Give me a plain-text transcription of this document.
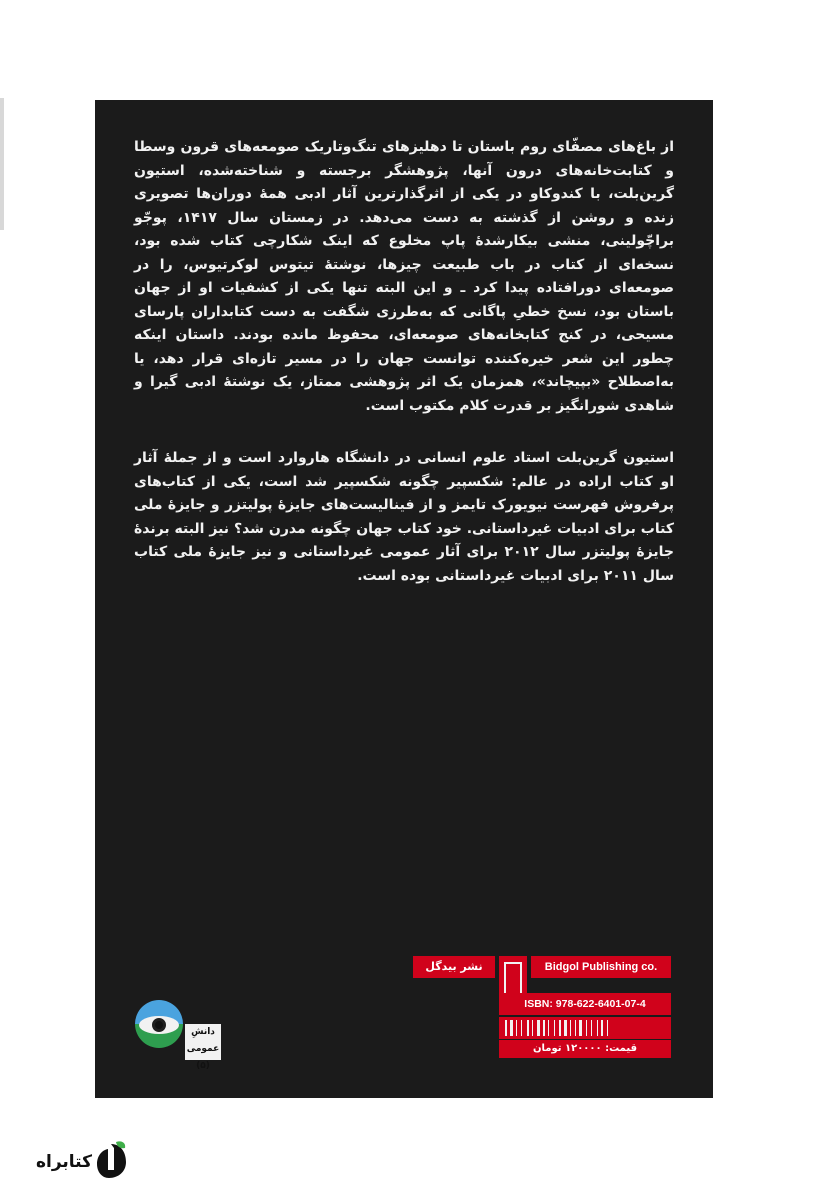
از باغ‌های مصفّای روم باستان تا دهلیزهای تنگ‌وتاریک صومعه‌های قرون وسطا و کتابت‌خانه‌های درون آنها، پژوهشگر برجسته و شناخته‌شده، استیون گرین‌بلت، با کندوکاو در یکی از اثرگذارترین آثار ادبی همهٔ دوران‌ها تصویری زنده و روشن از گذشته به دست می‌دهد. در زمستان سال ۱۴۱۷، پوجّو براچّولینی، منشی بیکارشدهٔ پاپ مخلوع که اینک شکارچی کتاب شده بود، نسخه‌ای از کتاب در باب طبیعت چیزها، نوشتهٔ تیتوس لوکرتیوس، را در صومعه‌ای دورافتاده پیدا کرد ـ و این البته تنها یکی از کشفیات او از جهان باستان بود، نسخ خطیِ پاگانی که به‌طرزی شگفت به دست کتابداران پارسای مسیحی، در کنج کتابخانه‌های صومعه‌ای، محفوظ مانده بودند. داستان اینکه چطور این شعر خیره‌کننده توانست جهان را در مسیر تازه‌ای قرار دهد، یا به‌اصطلاح «بپیچاند»، همزمان یک اثر پژوهشی ممتاز، یک نوشتهٔ ادبی گیرا و شاهدی شورانگیز بر قدرت کلام مکتوب است.

استیون گرین‌بلت استاد علوم انسانی در دانشگاه هاروارد است و از جملهٔ آثار او کتاب اراده در عالم: شکسپیر چگونه شکسپیر شد است، یکی از کتاب‌های پرفروش فهرست نیویورک تایمز و از فینالیست‌های جایزهٔ پولیتزر و جایزهٔ ملی کتاب برای ادبیات غیرداستانی. خود کتاب جهان چگونه مدرن شد؟ نیز البته برندهٔ جایزهٔ پولیتزر سال ۲۰۱۲ برای آثار عمومی غیرداستانی و نیز جایزهٔ ملی کتاب سال ۲۰۱۱ برای ادبیات غیرداستانی بوده است.

دانشِ عمومی
(۵)
نشر بیدگل	Bidgol Publishing co.
ISBN: 978-622-6401-07-4
قیمت: ۱۲۰۰۰۰ تومان
کتابراه
